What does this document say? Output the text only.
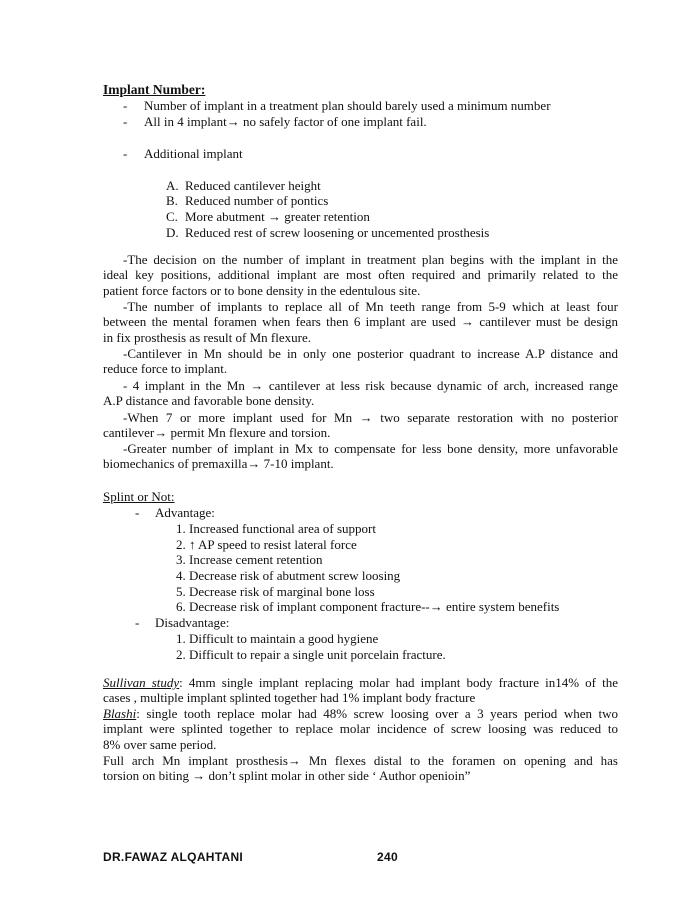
Implant Number:
- Number of implant in a treatment plan should barely used a minimum number
- All in 4 implant→ no safely factor of one implant fail.
- Additional implant
A. Reduced cantilever height
B. Reduced number of pontics
C. More abutment → greater retention
D. Reduced rest of screw loosening or uncemented prosthesis
-The decision on the number of implant in treatment plan begins with the implant in the
ideal key positions, additional implant are most often required and primarily related to the
patient force factors or to bone density in the edentulous site.
-The number of implants to replace all of Mn teeth range from 5-9 which at least four
between the mental foramen when fears then 6 implant are used → cantilever must be design
in fix prosthesis as result of Mn flexure.
-Cantilever in Mn should be in only one posterior quadrant to increase A.P distance and
reduce force to implant.
- 4 implant in the Mn → cantilever at less risk because dynamic of arch, increased range
A.P distance and favorable bone density.
-When 7 or more implant used for Mn → two separate restoration with no posterior
cantilever→ permit Mn flexure and torsion.
-Greater number of implant in Mx to compensate for less bone density, more unfavorable
biomechanics of premaxilla→ 7-10 implant.
Splint or Not:
- Advantage:
1. Increased functional area of support
2. ↑ AP speed to resist lateral force
3. Increase cement retention
4. Decrease risk of abutment screw loosing
5. Decrease risk of marginal bone loss
6. Decrease risk of implant component fracture--→ entire system benefits
- Disadvantage:
1. Difficult to maintain a good hygiene
2. Difficult to repair a single unit porcelain fracture.
Sullivan study: 4mm single implant replacing molar had implant body fracture in14% of the
cases , multiple implant splinted together had 1% implant body fracture
Blashi: single tooth replace molar had 48% screw loosing over a 3 years period when two
implant were splinted together to replace molar incidence of screw loosing was reduced to
8% over same period.
Full arch Mn implant prosthesis→ Mn flexes distal to the foramen on opening and has
torsion on biting → don’t splint molar in other side ‘ Author openioin”
DR.FAWAZ ALQAHTANI	240
